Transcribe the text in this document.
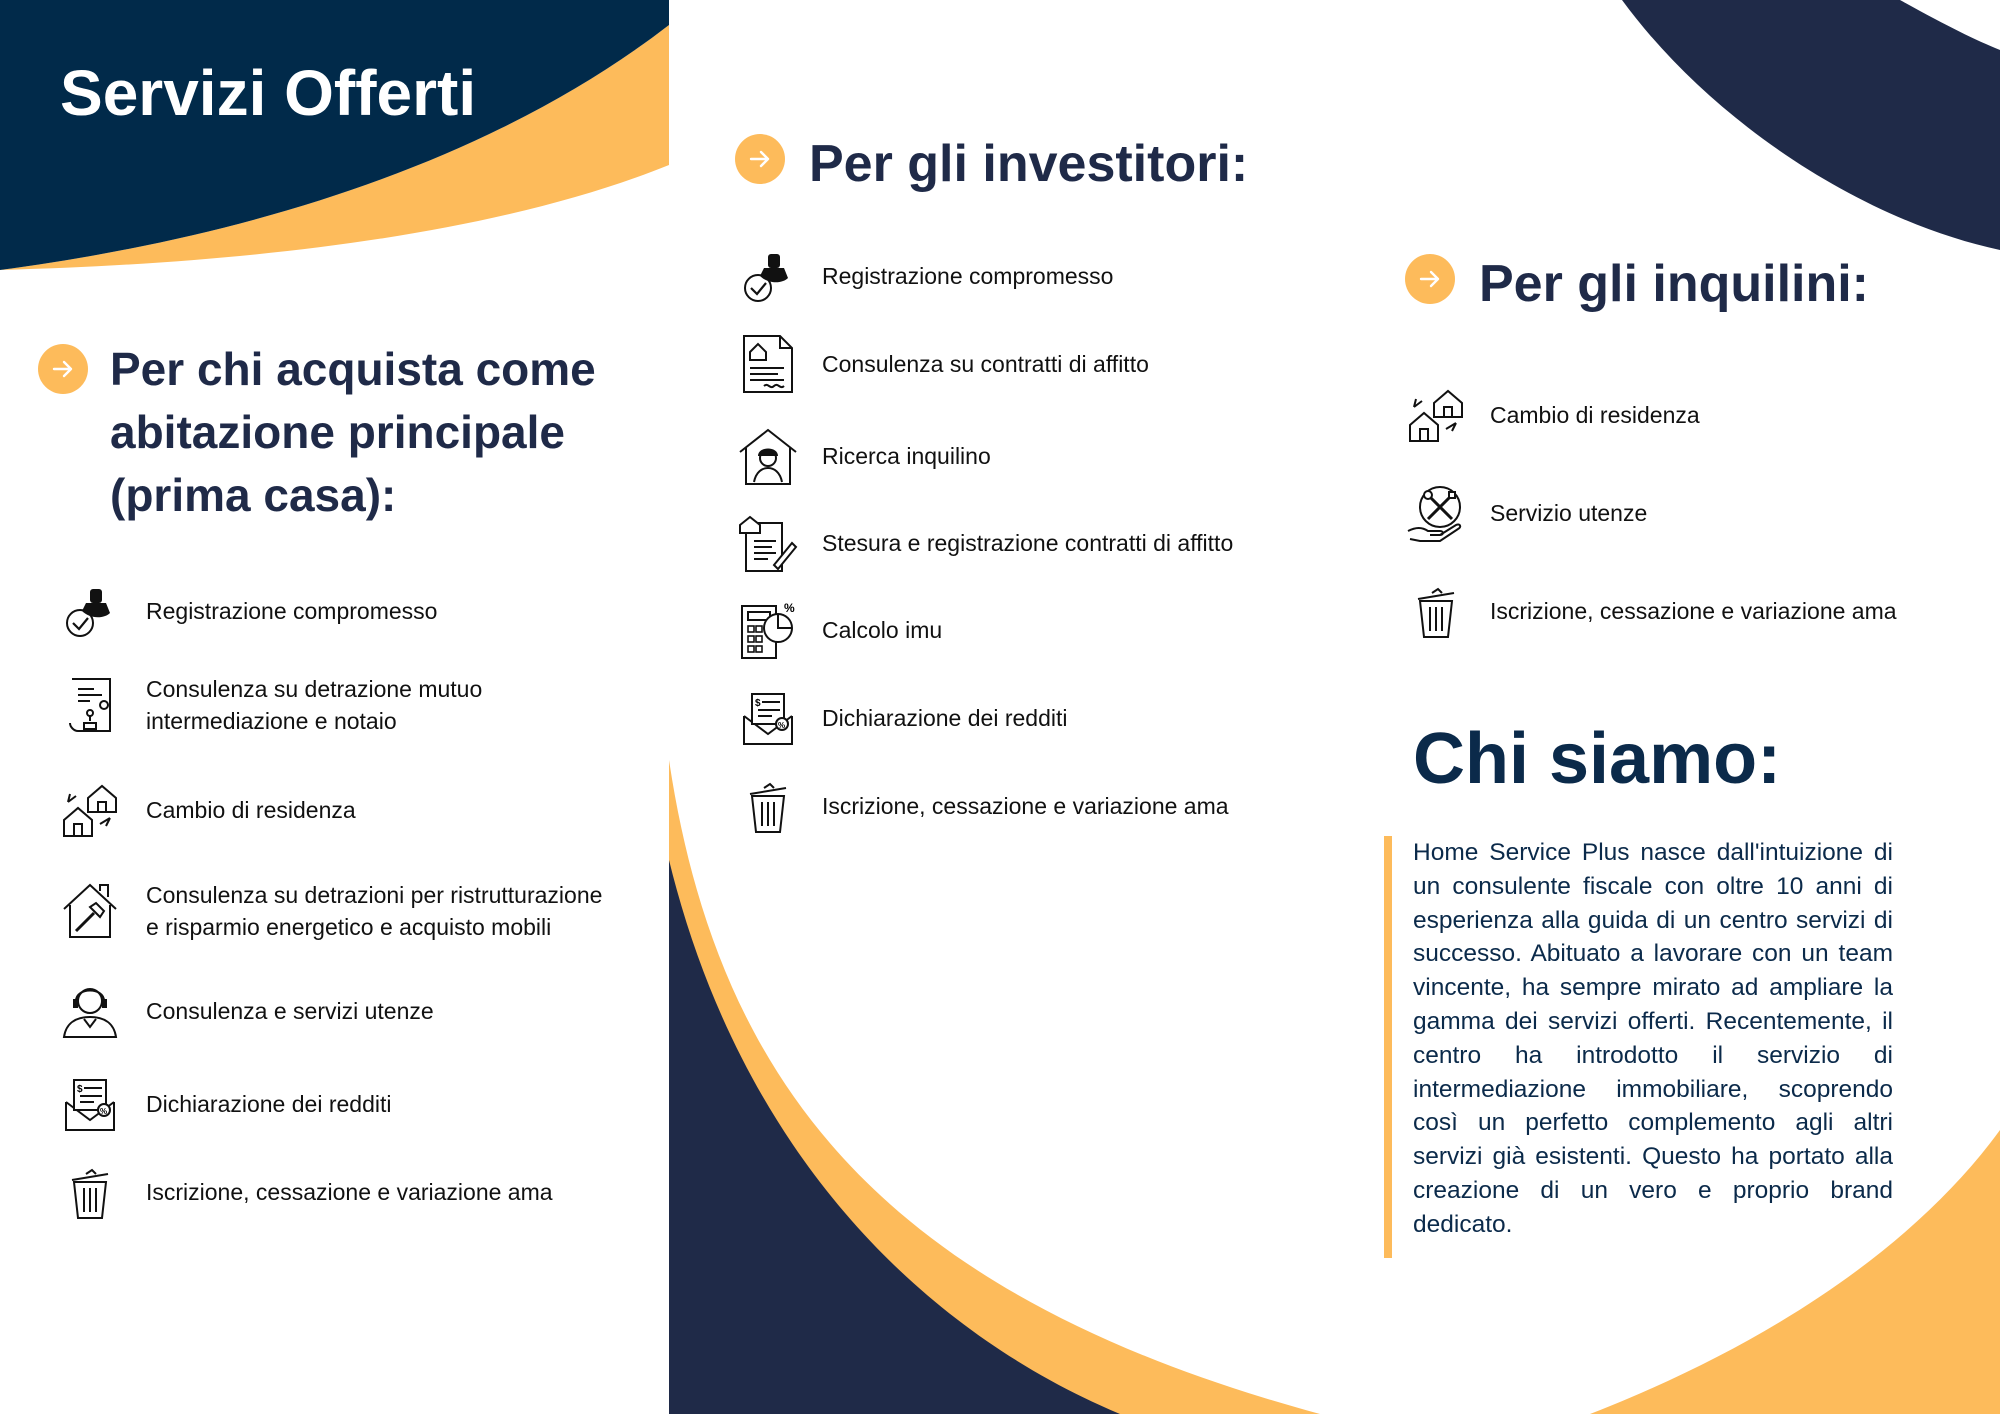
Servizi Offerti
Per chi acquista come
abitazione principale
(prima casa):
Registrazione compromesso
Consulenza su detrazione mutuo
intermediazione e notaio
Cambio di residenza
Consulenza su detrazioni per ristrutturazione
e risparmio energetico e acquisto mobili
Consulenza e servizi utenze
$
% Dichiarazione dei redditi
Iscrizione, cessazione e variazione ama
Per gli investitori:
Registrazione compromesso
Consulenza su contratti di affitto
Ricerca inquilino
Stesura e registrazione contratti di affitto
%
Calcolo imu
$
% Dichiarazione dei redditi
Iscrizione, cessazione e variazione ama
Per gli inquilini:
Cambio di residenza
Servizio utenze
Iscrizione, cessazione e variazione ama
Chi siamo:

Home Service Plus nasce dall'intuizione di un consulente fiscale con oltre 10 anni di esperienza alla guida di un centro servizi di successo. Abituato a lavorare con un team vincente, ha sempre mirato ad ampliare la gamma dei servizi offerti. Recentemente, il centro ha introdotto il servizio di intermediazione immobiliare, scoprendo così un perfetto complemento agli altri servizi già esistenti. Questo ha portato alla creazione di un vero e proprio brand dedicato.
